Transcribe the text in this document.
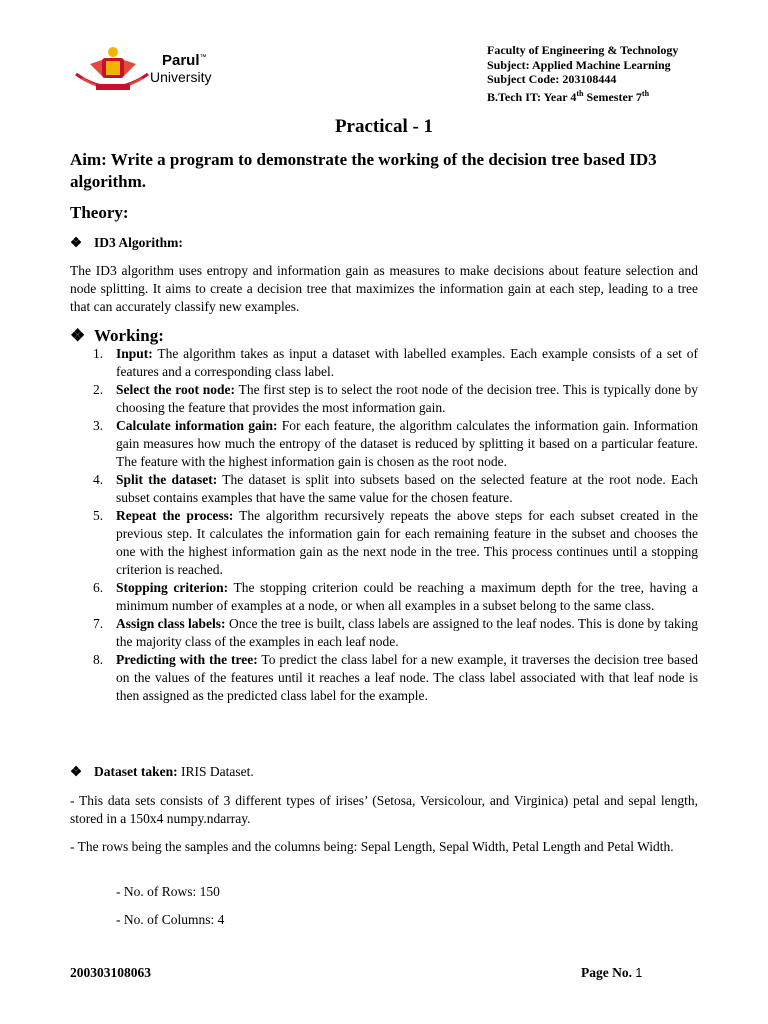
Parul™
University
Faculty of Engineering & Technology
Subject: Applied Machine Learning
Subject Code: 203108444
B.Tech IT: Year 4th Semester 7th
Practical - 1
Aim: Write a program to demonstrate the working of the decision tree based ID3 algorithm.
Theory:
❖ ID3 Algorithm:
The ID3 algorithm uses entropy and information gain as measures to make decisions about feature selection and node splitting. It aims to create a decision tree that maximizes the information gain at each step, leading to a tree that can accurately classify new examples.
❖ Working:
1. Input: The algorithm takes as input a dataset with labelled examples. Each example consists of a set of features and a corresponding class label.
2. Select the root node: The first step is to select the root node of the decision tree. This is typically done by choosing the feature that provides the most information gain.
3. Calculate information gain: For each feature, the algorithm calculates the information gain. Information gain measures how much the entropy of the dataset is reduced by splitting it based on a particular feature. The feature with the highest information gain is chosen as the root node.
4. Split the dataset: The dataset is split into subsets based on the selected feature at the root node. Each subset contains examples that have the same value for the chosen feature.
5. Repeat the process: The algorithm recursively repeats the above steps for each subset created in the previous step. It calculates the information gain for each remaining feature in the subset and chooses the one with the highest information gain as the next node in the tree. This process continues until a stopping criterion is reached.
6. Stopping criterion: The stopping criterion could be reaching a maximum depth for the tree, having a minimum number of examples at a node, or when all examples in a subset belong to the same class.
7. Assign class labels: Once the tree is built, class labels are assigned to the leaf nodes. This is done by taking the majority class of the examples in each leaf node.
8. Predicting with the tree: To predict the class label for a new example, it traverses the decision tree based on the values of the features until it reaches a leaf node. The class label associated with that leaf node is then assigned as the predicted class label for the example.
❖ Dataset taken: IRIS Dataset.
- This data sets consists of 3 different types of irises’ (Setosa, Versicolour, and Virginica) petal and sepal length, stored in a 150x4 numpy.ndarray.
- The rows being the samples and the columns being: Sepal Length, Sepal Width, Petal Length and Petal Width.
- No. of Rows: 150
- No. of Columns: 4
200303108063	Page No. 1
